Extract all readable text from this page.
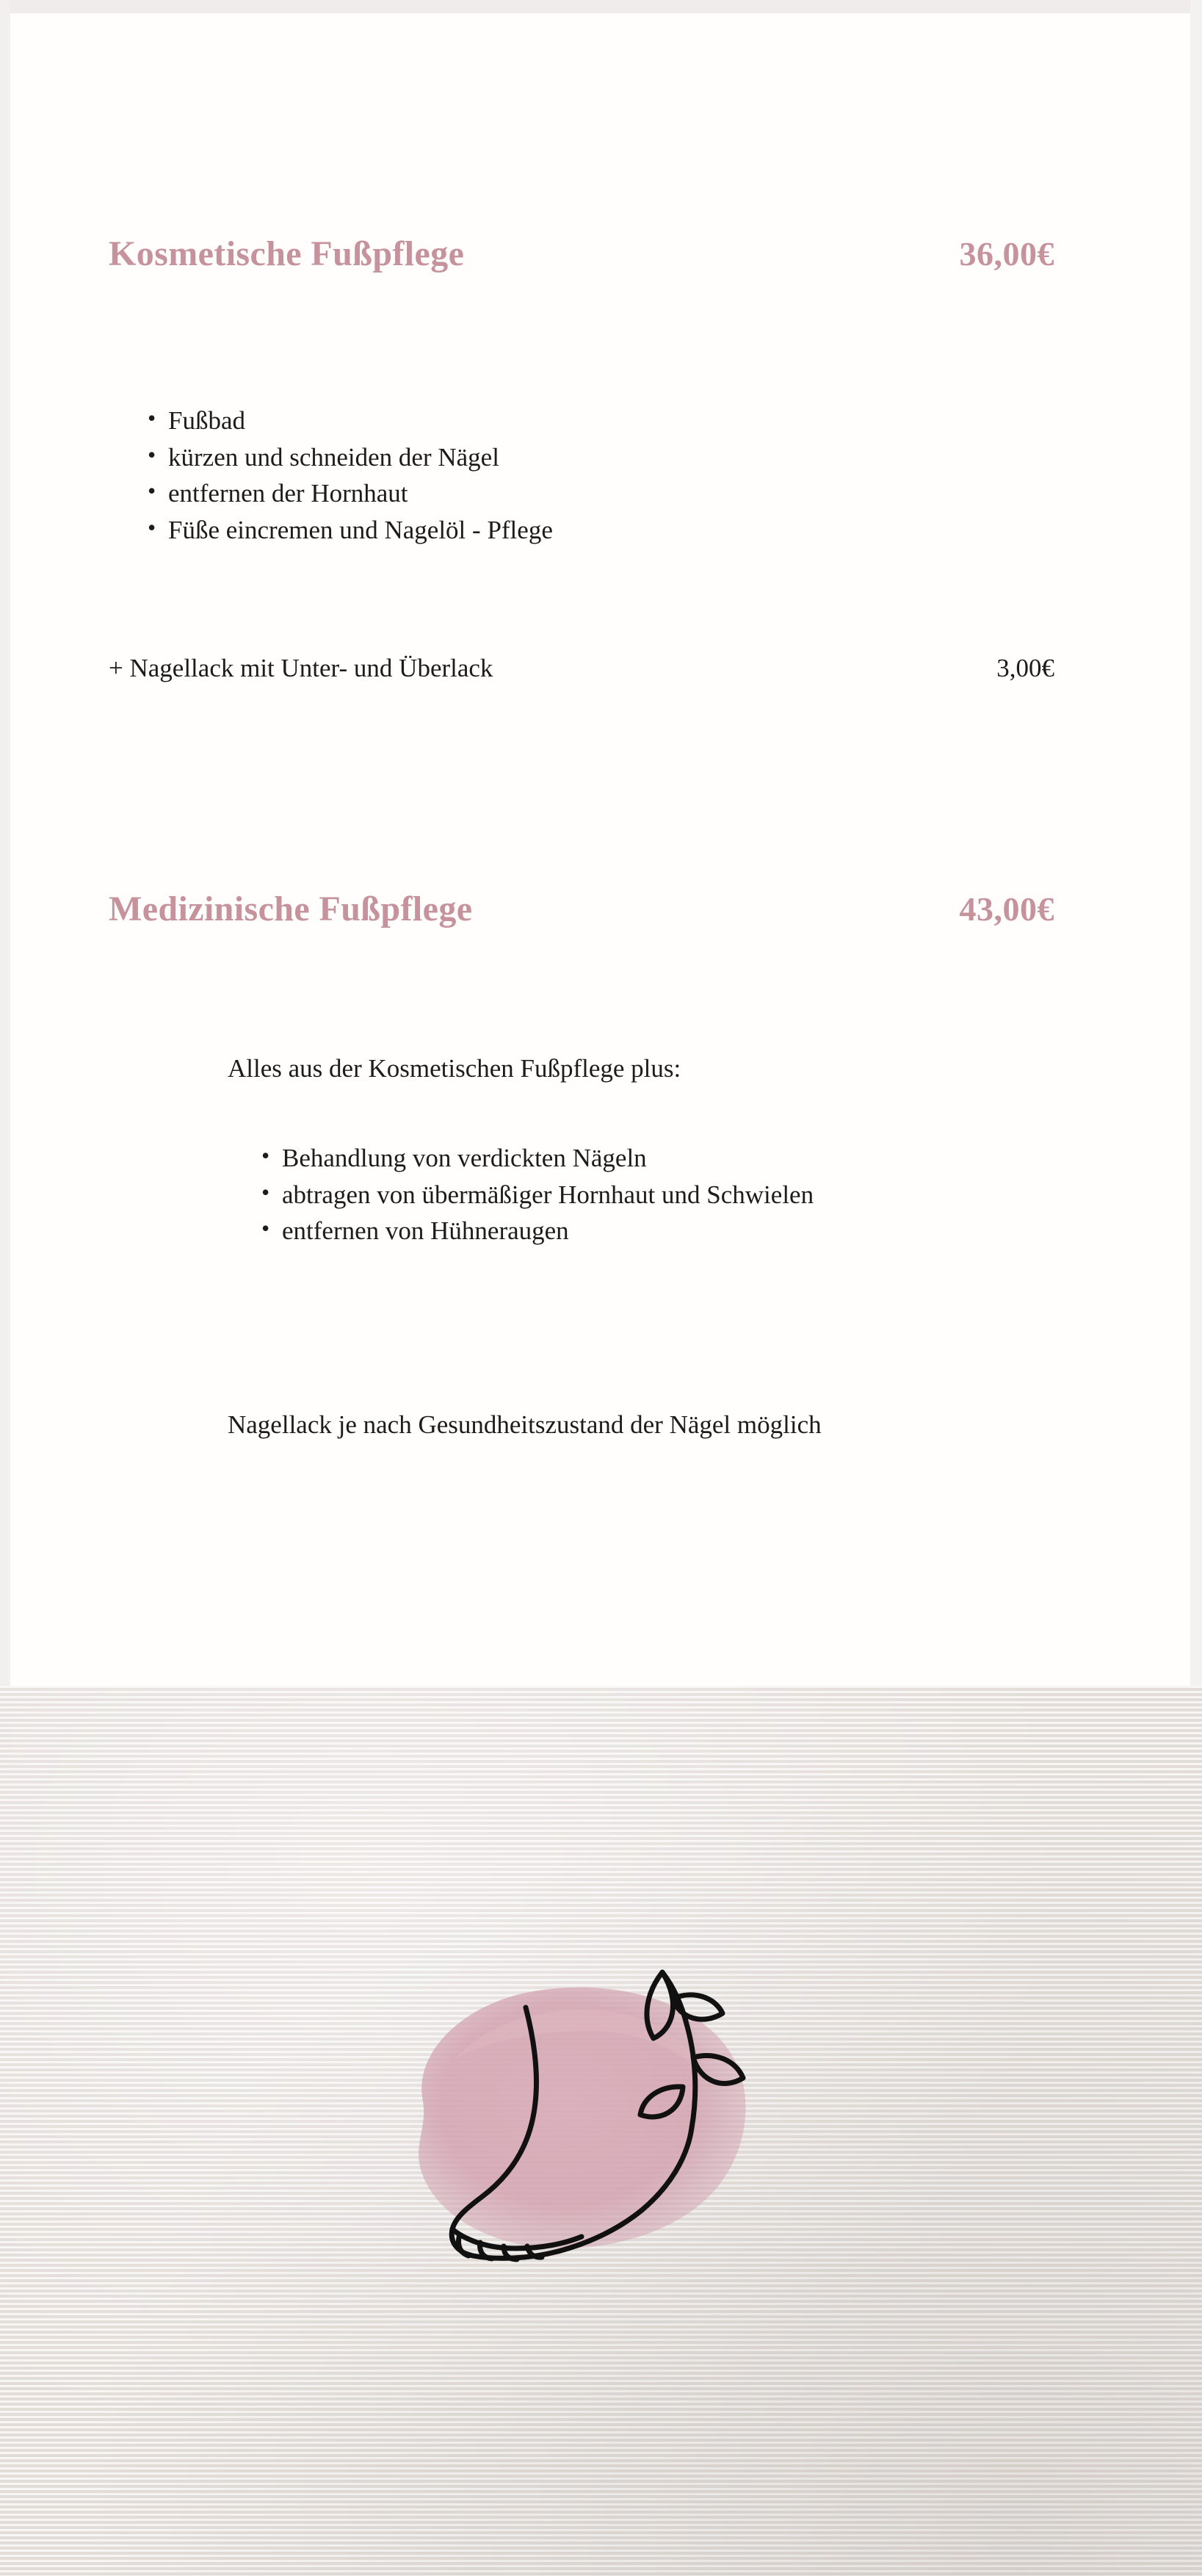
Kosmetische Fußpflege	36,00€
• Fußbad
• kürzen und schneiden der Nägel
• entfernen der Hornhaut
• Füße eincremen und Nagelöl - Pflege
+ Nagellack mit Unter- und Überlack	3,00€
Medizinische Fußpflege	43,00€
Alles aus der Kosmetischen Fußpflege plus:
• Behandlung von verdickten Nägeln
• abtragen von übermäßiger Hornhaut und Schwielen
• entfernen von Hühneraugen
Nagellack je nach Gesundheitszustand der Nägel möglich
